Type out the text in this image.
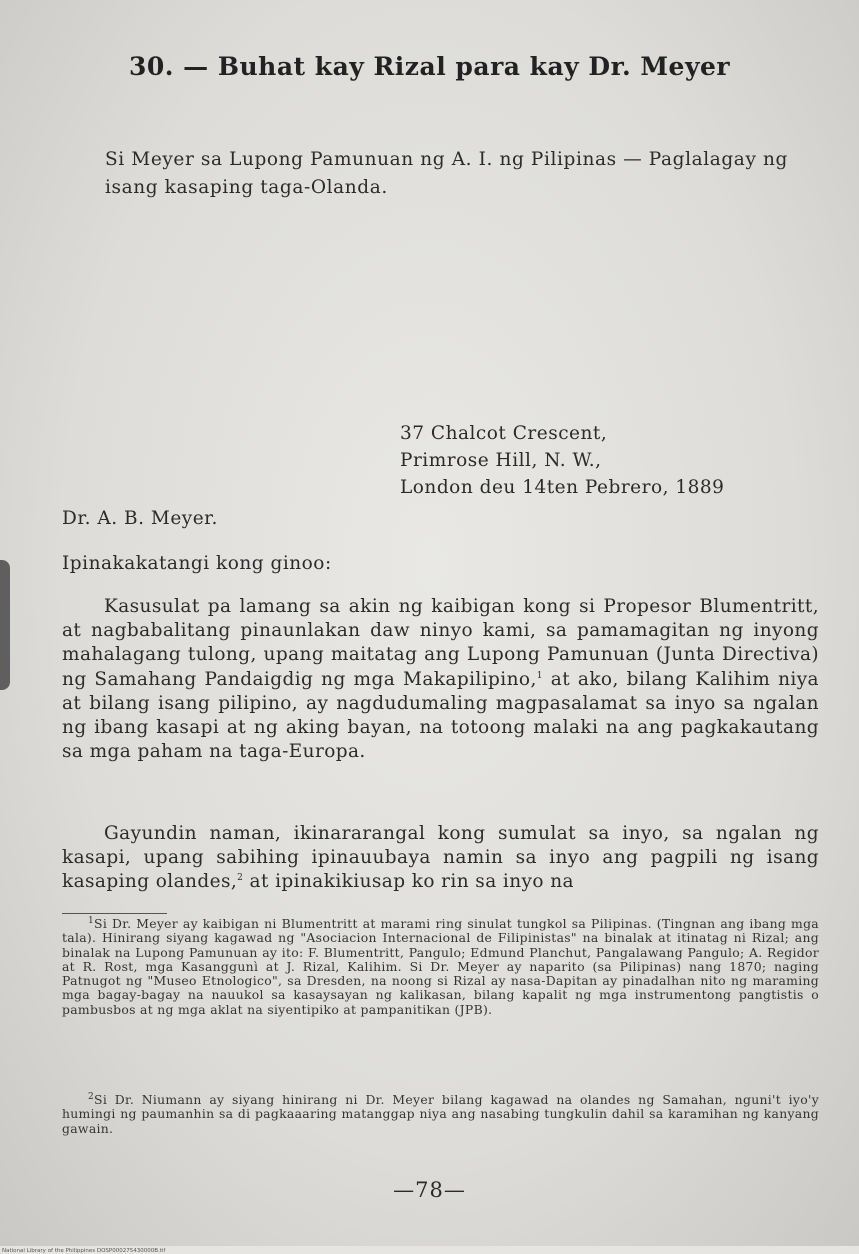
30. — Buhat kay Rizal para kay Dr. Meyer
Si Meyer sa Lupong Pamunuan ng A. I. ng Pilipinas — Paglalagay ng isang kasaping taga-Olanda.
37 Chalcot Crescent,
Primrose Hill, N. W.,
London deu 14ten Pebrero, 1889
Dr. A. B. Meyer.
Ipinakakatangi kong ginoo:
Kasusulat pa lamang sa akin ng kaibigan kong si Propesor Blumentritt, at nagbabalitang pinaunlakan daw ninyo kami, sa pamamagitan ng inyong mahalagang tulong, upang maitatag ang Lupong Pamunuan (Junta Directiva) ng Samahang Pandaigdig ng mga Makapilipino,$^1$ at ako, bilang Kalihim niya at bilang isang pilipino, ay nagdudumaling magpasalamat sa inyo sa ngalan ng ibang kasapi at ng aking bayan, na totoong malaki na ang pagkakautang sa mga paham na taga-Europa.
Gayundin naman, ikinararangal kong sumulat sa inyo, sa ngalan ng kasapi, upang sabihing ipinauubaya namin sa inyo ang pagpili ng isang kasaping olandes,$^2$ at ipinakikiusap ko rin sa inyo na
$^1$Si Dr. Meyer ay kaibigan ni Blumentritt at marami ring sinulat tungkol sa Pilipinas. (Tingnan ang ibang mga tala). Hinirang siyang kagawad ng "Asociacion Internacional de Filipinistas" na binalak at itinatag ni Rizal; ang binalak na Lupong Pamunuan ay ito: F. Blumentritt, Pangulo; Edmund Planchut, Pangalawang Pangulo; A. Regidor at R. Rost, mga Kasanggunì at J. Rizal, Kalihim. Si Dr. Meyer ay naparito (sa Pilipinas) nang 1870; naging Patnugot ng "Museo Etnologico", sa Dresden, na noong si Rizal ay nasa-Dapitan ay pinadalhan nito ng maraming mga bagay-bagay na nauukol sa kasaysayan ng kalikasan, bilang kapalit ng mga instrumentong pangtistis o pambusbos at ng mga aklat na siyentipiko at pampanitikan (JPB).
$^2$Si Dr. Niumann ay siyang hinirang ni Dr. Meyer bilang kagawad na olandes ng Samahan, nguni't iyo'y humingi ng paumanhin sa di pagkaaaring matanggap niya ang nasabing tungkulin dahil sa karamihan ng kanyang gawain.
—78—
National Library of the Philippines DOSP000275430000B.tif
